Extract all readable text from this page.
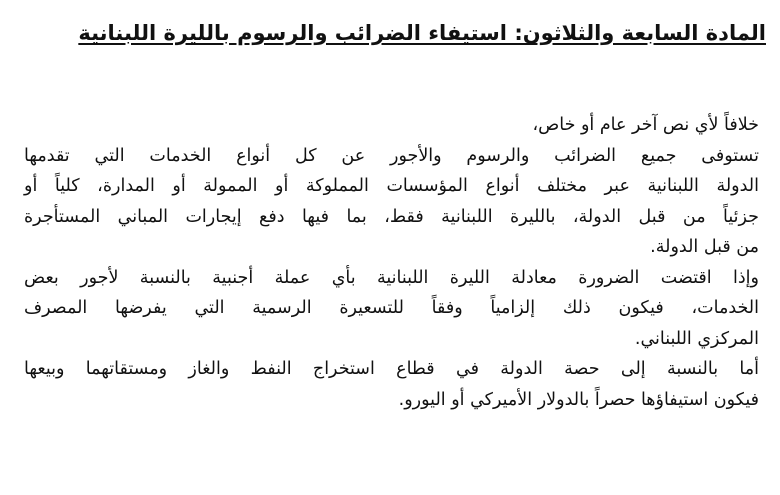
المادة السابعة والثلاثون: استيفاء الضرائب والرسوم بالليرة اللبنانية
خلافاً لأي نص آخر عام أو خاص،
تستوفى جميع الضرائب والرسوم والأجور عن كل أنواع الخدمات التي تقدمها
الدولة اللبنانية عبر مختلف أنواع المؤسسات المملوكة أو الممولة أو المدارة، كلياً أو
جزئياً من قبل الدولة، بالليرة اللبنانية فقط، بما فيها دفع إيجارات المباني المستأجرة
من قبل الدولة.
وإذا اقتضت الضرورة معادلة الليرة اللبنانية بأي عملة أجنبية بالنسبة لأجور بعض
الخدمات، فيكون ذلك إلزامياً وفقاً للتسعيرة الرسمية التي يفرضها المصرف
المركزي اللبناني.
أما بالنسبة إلى حصة الدولة في قطاع استخراج النفط والغاز ومستقاتهما وبيعها
فيكون استيفاؤها حصراً بالدولار الأميركي أو اليورو.
